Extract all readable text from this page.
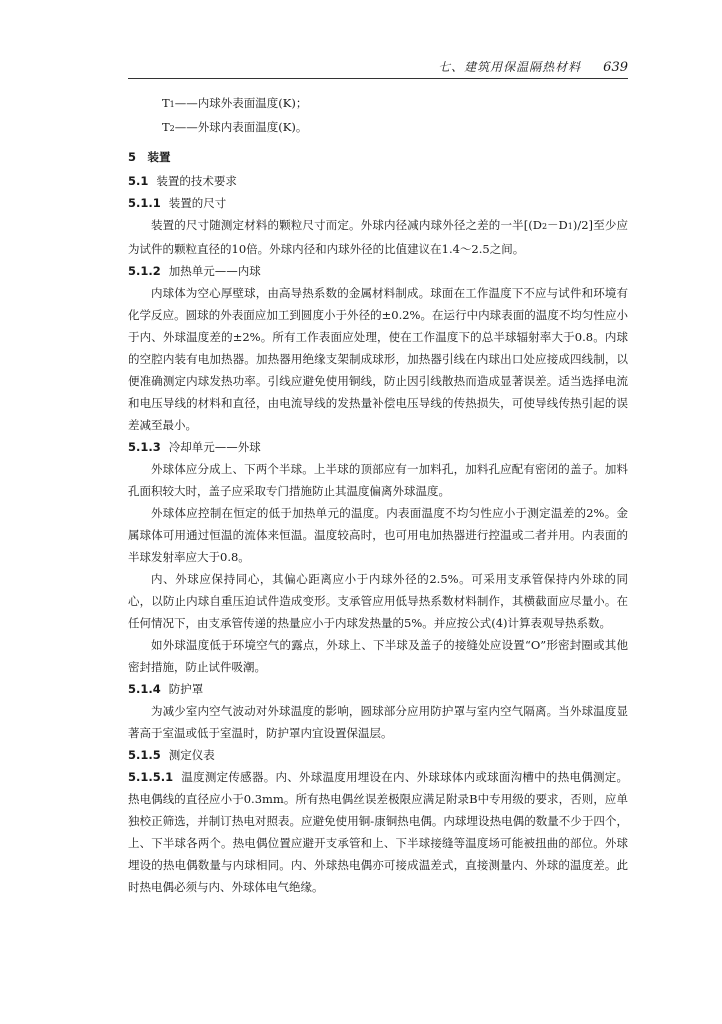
七、建筑用保温隔热材料 639

T1——内球外表面温度(K)；

T2——外球内表面温度(K)。

5　装置

5.1 装置的技术要求

5.1.1 装置的尺寸

装置的尺寸随测定材料的颗粒尺寸而定。外球内径减内球外径之差的一半[(D2－D1)/2]至少应为试件的颗粒直径的10倍。外球内径和内球外径的比值建议在1.4～2.5之间。

5.1.2 加热单元——内球

内球体为空心厚壁球，由高导热系数的金属材料制成。球面在工作温度下不应与试件和环境有化学反应。圆球的外表面应加工到圆度小于外径的±0.2%。在运行中内球表面的温度不均匀性应小于内、外球温度差的±2%。所有工作表面应处理，使在工作温度下的总半球辐射率大于0.8。内球的空腔内装有电加热器。加热器用绝缘支架制成球形，加热器引线在内球出口处应接成四线制，以便准确测定内球发热功率。引线应避免使用铜线，防止因引线散热而造成显著误差。适当选择电流和电压导线的材料和直径，由电流导线的发热量补偿电压导线的传热损失，可使导线传热引起的误差减至最小。

5.1.3 冷却单元——外球

外球体应分成上、下两个半球。上半球的顶部应有一加料孔，加料孔应配有密闭的盖子。加料孔面积较大时，盖子应采取专门措施防止其温度偏离外球温度。

外球体应控制在恒定的低于加热单元的温度。内表面温度不均匀性应小于测定温差的2%。金属球体可用通过恒温的流体来恒温。温度较高时，也可用电加热器进行控温或二者并用。内表面的半球发射率应大于0.8。

内、外球应保持同心，其偏心距离应小于内球外径的2.5%。可采用支承管保持内外球的同心，以防止内球自重压迫试件造成变形。支承管应用低导热系数材料制作，其横截面应尽量小。在任何情况下，由支承管传递的热量应小于内球发热量的5%。并应按公式(4)计算表观导热系数。

如外球温度低于环境空气的露点，外球上、下半球及盖子的接缝处应设置“O”形密封圈或其他密封措施，防止试件吸潮。

5.1.4 防护罩

为减少室内空气波动对外球温度的影响，圆球部分应用防护罩与室内空气隔离。当外球温度显著高于室温或低于室温时，防护罩内宜设置保温层。

5.1.5 测定仪表

5.1.5.1 温度测定传感器。内、外球温度用埋设在内、外球球体内或球面沟槽中的热电偶测定。热电偶线的直径应小于0.3mm。所有热电偶丝误差极限应满足附录B中专用级的要求，否则，应单独校正筛选，并制订热电对照表。应避免使用铜-康铜热电偶。内球埋设热电偶的数量不少于四个，上、下半球各两个。热电偶位置应避开支承管和上、下半球接缝等温度场可能被扭曲的部位。外球埋设的热电偶数量与内球相同。内、外球热电偶亦可接成温差式，直接测量内、外球的温度差。此时热电偶必须与内、外球体电气绝缘。
